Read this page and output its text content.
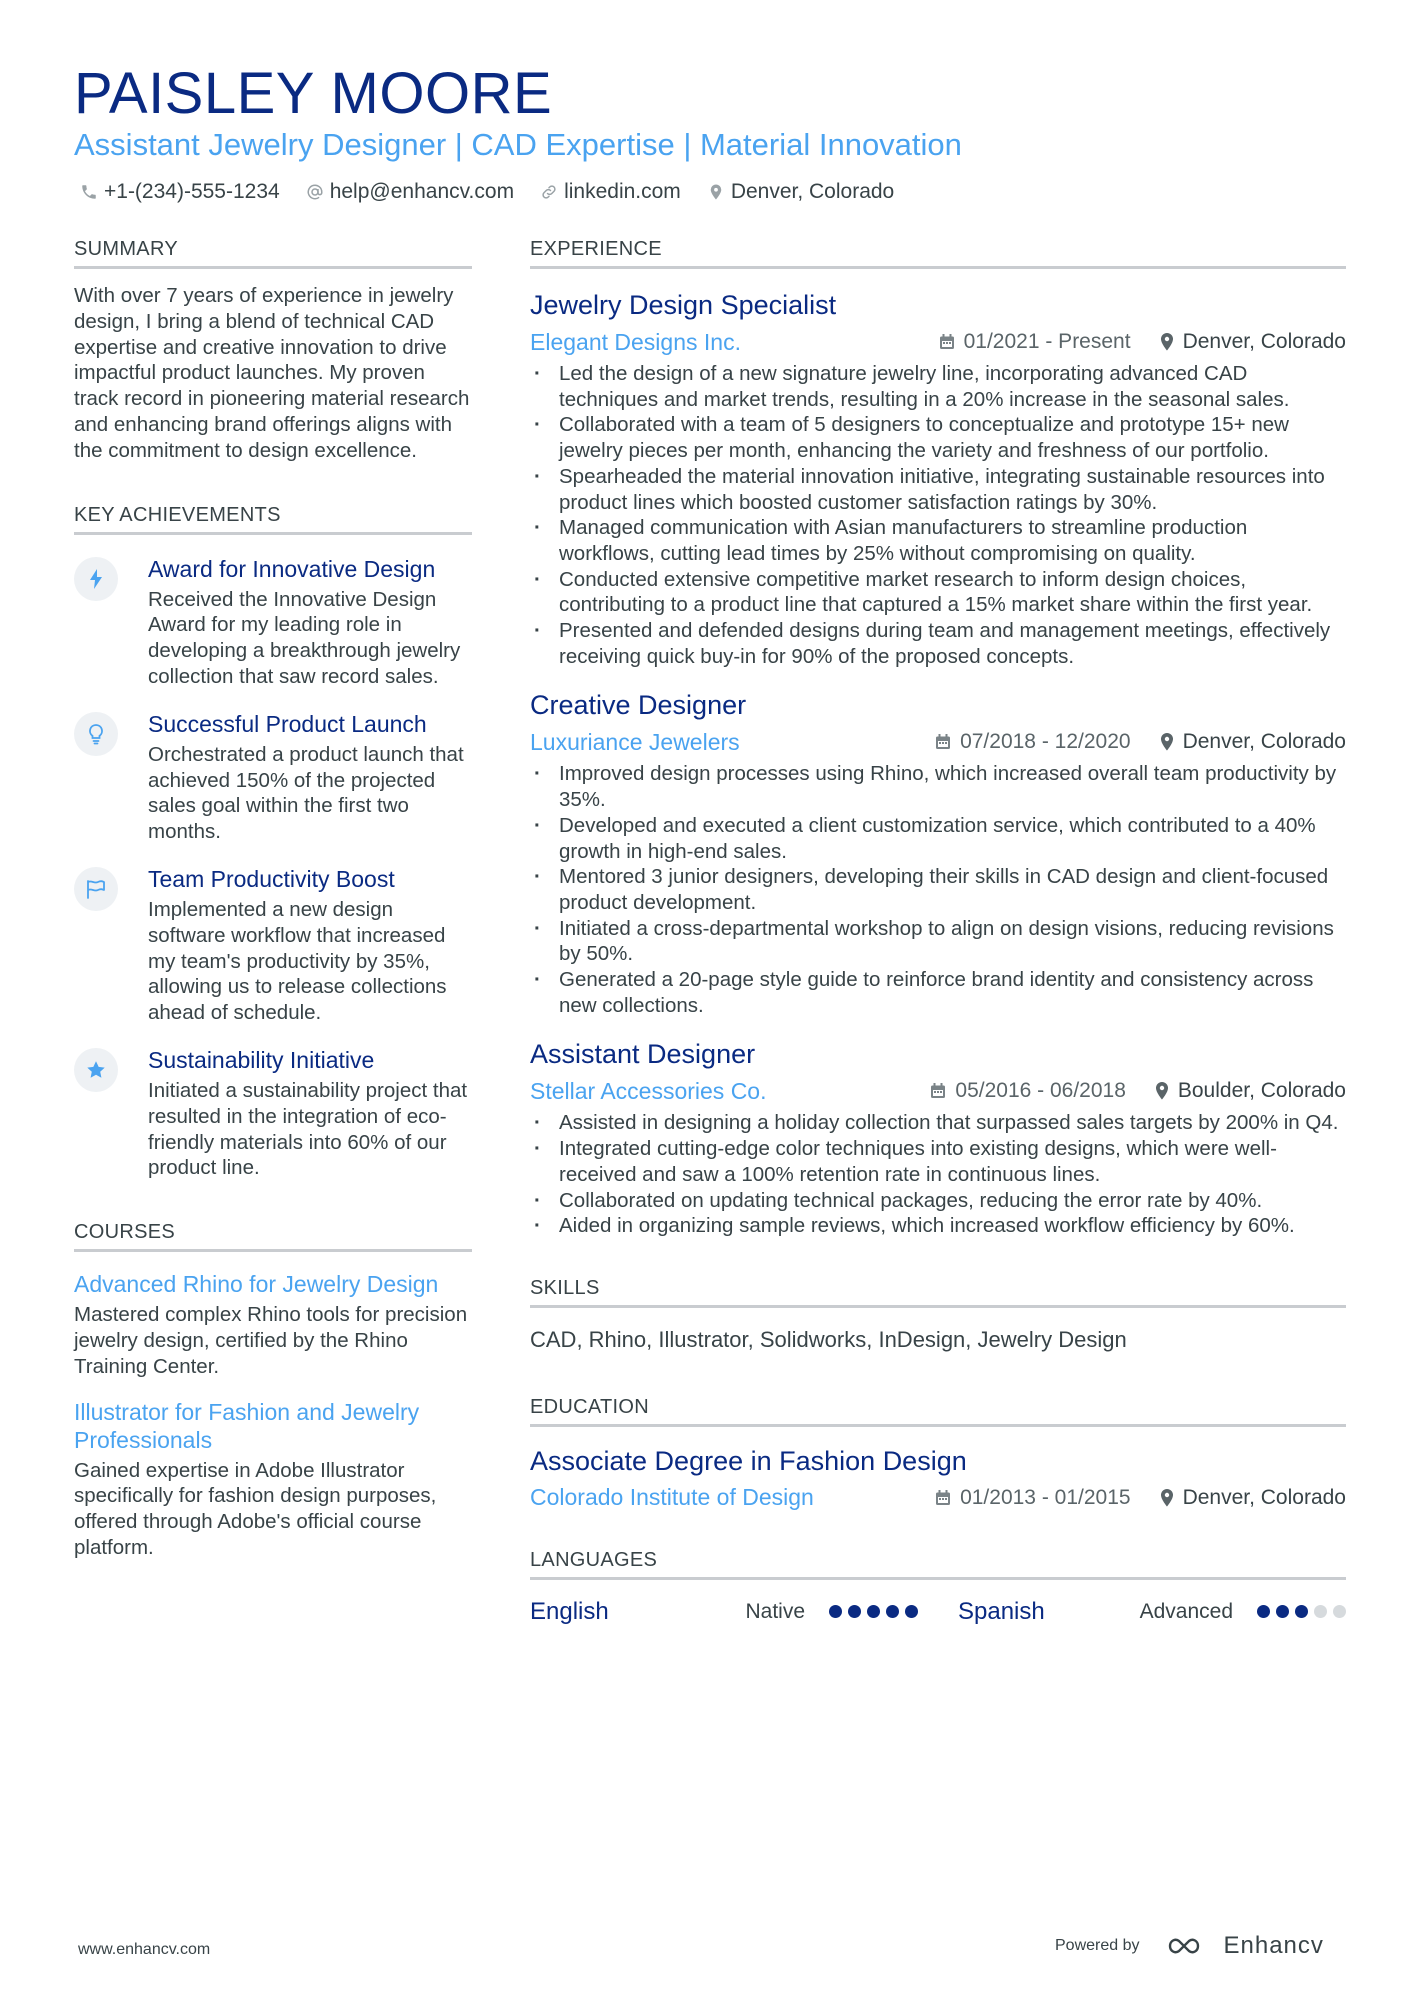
PAISLEY MOORE
Assistant Jewelry Designer | CAD Expertise | Material Innovation
+1-(234)-555-1234 help@enhancv.com linkedin.com Denver, Colorado
SUMMARY
With over 7 years of experience in jewelry design, I bring a blend of technical CAD expertise and creative innovation to drive impactful product launches. My proven track record in pioneering material research and enhancing brand offerings aligns with the commitment to design excellence.
KEY ACHIEVEMENTS
Award for Innovative Design
Received the Innovative Design Award for my leading role in developing a breakthrough jewelry collection that saw record sales.
Successful Product Launch
Orchestrated a product launch that achieved 150% of the projected sales goal within the first two months.
Team Productivity Boost
Implemented a new design software workflow that increased my team's productivity by 35%, allowing us to release collections ahead of schedule.
Sustainability Initiative
Initiated a sustainability project that resulted in the integration of eco-friendly materials into 60% of our product line.
COURSES
Advanced Rhino for Jewelry Design
Mastered complex Rhino tools for precision jewelry design, certified by the Rhino Training Center.
Illustrator for Fashion and Jewelry Professionals
Gained expertise in Adobe Illustrator specifically for fashion design purposes, offered through Adobe's official course platform.
EXPERIENCE
Jewelry Design Specialist
Elegant Designs Inc.	01/2021 - Present Denver, Colorado
· Led the design of a new signature jewelry line, incorporating advanced CAD techniques and market trends, resulting in a 20% increase in the seasonal sales.
· Collaborated with a team of 5 designers to conceptualize and prototype 15+ new jewelry pieces per month, enhancing the variety and freshness of our portfolio.
· Spearheaded the material innovation initiative, integrating sustainable resources into product lines which boosted customer satisfaction ratings by 30%.
· Managed communication with Asian manufacturers to streamline production workflows, cutting lead times by 25% without compromising on quality.
· Conducted extensive competitive market research to inform design choices, contributing to a product line that captured a 15% market share within the first year.
· Presented and defended designs during team and management meetings, effectively receiving quick buy-in for 90% of the proposed concepts.
Creative Designer
Luxuriance Jewelers	07/2018 - 12/2020 Denver, Colorado
· Improved design processes using Rhino, which increased overall team productivity by 35%.
· Developed and executed a client customization service, which contributed to a 40% growth in high-end sales.
· Mentored 3 junior designers, developing their skills in CAD design and client-focused product development.
· Initiated a cross-departmental workshop to align on design visions, reducing revisions by 50%.
· Generated a 20-page style guide to reinforce brand identity and consistency across new collections.
Assistant Designer
Stellar Accessories Co.	05/2016 - 06/2018 Boulder, Colorado
· Assisted in designing a holiday collection that surpassed sales targets by 200% in Q4.
· Integrated cutting-edge color techniques into existing designs, which were well-received and saw a 100% retention rate in continuous lines.
· Collaborated on updating technical packages, reducing the error rate by 40%.
· Aided in organizing sample reviews, which increased workflow efficiency by 60%.
SKILLS
CAD, Rhino, Illustrator, Solidworks, InDesign, Jewelry Design
EDUCATION
Associate Degree in Fashion Design
Colorado Institute of Design	01/2013 - 01/2015 Denver, Colorado
LANGUAGES
English	Native	Spanish	Advanced
www.enhancv.com	Powered by	Enhancv
